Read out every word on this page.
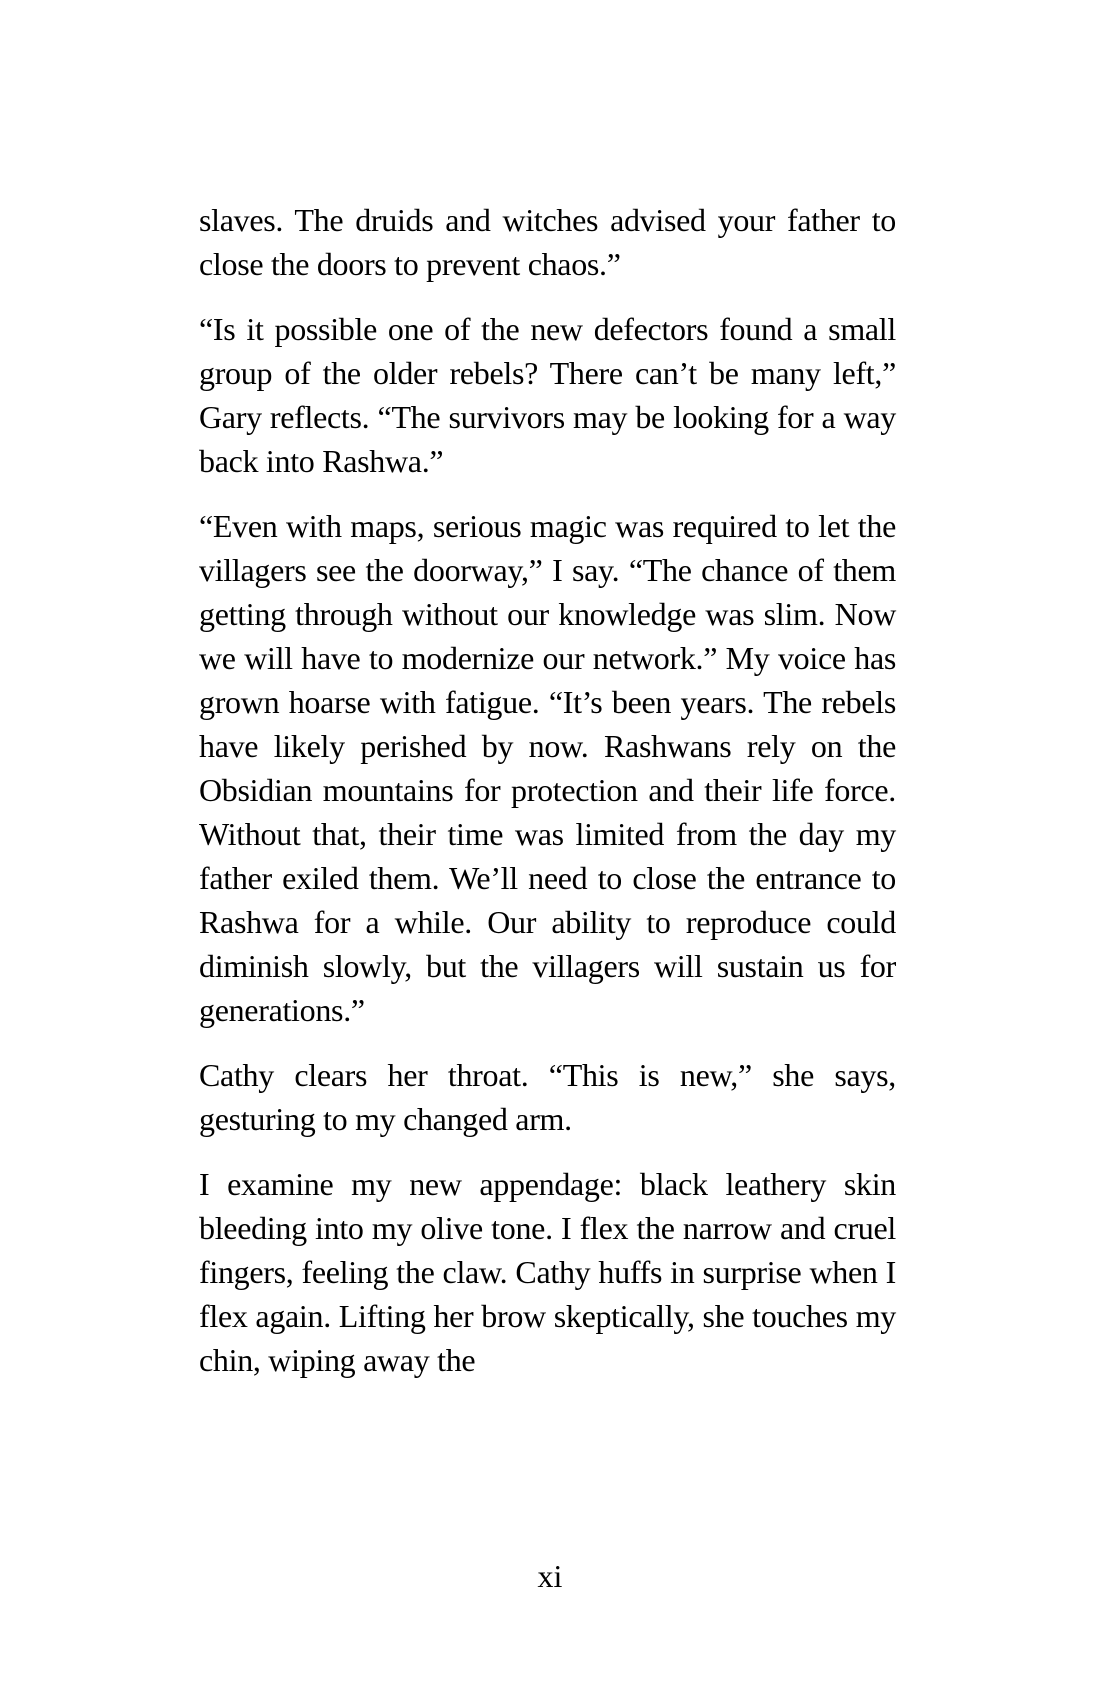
slaves. The druids and witches advised your father to close the doors to prevent chaos.”

“Is it possible one of the new defectors found a small group of the older rebels? There can’t be many left,” Gary reflects. “The survivors may be looking for a way back into Rashwa.”

“Even with maps, serious magic was required to let the villagers see the doorway,” I say. “The chance of them getting through without our knowledge was slim. Now we will have to modernize our network.” My voice has grown hoarse with fatigue. “It’s been years. The rebels have likely perished by now. Rashwans rely on the Obsidian mountains for protection and their life force. Without that, their time was limited from the day my father exiled them. We’ll need to close the entrance to Rashwa for a while. Our ability to reproduce could diminish slowly, but the villagers will sustain us for generations.”

Cathy clears her throat. “This is new,” she says, gesturing to my changed arm.

I examine my new appendage: black leathery skin bleeding into my olive tone. I flex the narrow and cruel fingers, feeling the claw. Cathy huffs in surprise when I flex again. Lifting her brow skeptically, she touches my chin, wiping away the

xi
